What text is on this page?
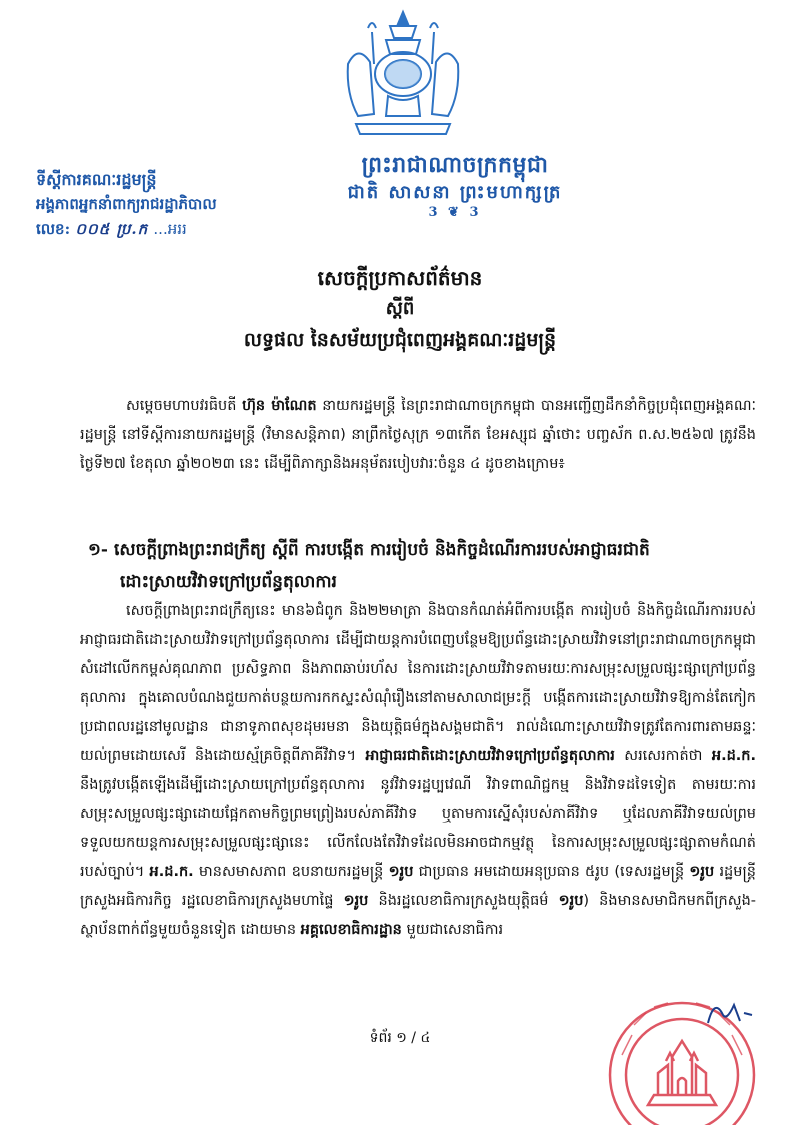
ព្រះរាជាណាចក្រកម្ពុជា
ជាតិ សាសនា ព្រះមហាក្សត្រ
3 ❦ 3
ទីស្តីការគណៈរដ្ឋមន្ត្រី
អង្គភាពអ្នកនាំពាក្យរាជរដ្ឋាភិបាល
លេខ: ០០៥ ប្រ.ក ...អររ
សេចក្តីប្រកាសព័ត៌មាន
ស្តីពី
លទ្ធផល នៃសម័យប្រជុំពេញអង្គគណៈរដ្ឋមន្ត្រី
សម្តេចមហាបវរធិបតី ហ៊ុន ម៉ាណែត នាយករដ្ឋមន្ត្រី នៃព្រះរាជាណាចក្រកម្ពុជា បានអញ្ជើញដឹកនាំកិច្ចប្រជុំពេញអង្គគណៈរដ្ឋមន្ត្រី នៅទីស្តីការនាយករដ្ឋមន្ត្រី (វិមានសន្តិភាព) នាព្រឹកថ្ងៃសុក្រ ១៣កើត ខែអស្សុជ ឆ្នាំថោះ បញ្ចស័ក ព.ស.២៥៦៧ ត្រូវនឹងថ្ងៃទី២៧ ខែតុលា ឆ្នាំ២០២៣ នេះ ដើម្បីពិភាក្សានិងអនុម័តរបៀបវារៈចំនួន ៤ ដូចខាងក្រោម៖
១- សេចក្តីព្រាងព្រះរាជក្រឹត្យ ស្តីពី ការបង្កើត ការរៀបចំ និងកិច្ចដំណើរការរបស់អាជ្ញាធរជាតិ
ដោះស្រាយវិវាទក្រៅប្រព័ន្ធតុលាការ
សេចក្តីព្រាងព្រះរាជក្រឹត្យនេះ មាន៦ជំពូក និង២២មាត្រា និងបានកំណត់អំពីការបង្កើត ការរៀបចំ និងកិច្ចដំណើរការរបស់អាជ្ញាធរជាតិដោះស្រាយវិវាទក្រៅប្រព័ន្ធតុលាការ ដើម្បីជាយន្តការបំពេញបន្ថែមឱ្យប្រព័ន្ធដោះស្រាយវិវាទនៅព្រះរាជាណាចក្រកម្ពុជា សំដៅលើកកម្ពស់គុណភាព ប្រសិទ្ធភាព និងភាពឆាប់រហ័ស នៃការដោះស្រាយវិវាទតាមរយៈការសម្រុះសម្រួលផ្សះផ្សាក្រៅប្រព័ន្ធតុលាការ ក្នុងគោលបំណងជួយកាត់បន្ថយការកកស្ទះសំណុំរឿងនៅតាមសាលាជម្រះក្តី បង្កើតការដោះស្រាយវិវាទឱ្យកាន់តែកៀកប្រជាពលរដ្ឋនៅមូលដ្ឋាន ជានាទូភាពសុខដុមរមនា និងយុត្តិធម៌ក្នុងសង្គមជាតិ។ រាល់ដំណោះស្រាយវិវាទត្រូវតែការពារតាមឆន្ទៈយល់ព្រមដោយសេរី និងដោយស្ម័គ្រចិត្តពីភាគីវិវាទ។ អាជ្ញាធរជាតិដោះស្រាយវិវាទក្រៅប្រព័ន្ធតុលាការ សរសេរកាត់ថា អ.ដ.ក. នឹងត្រូវបង្កើតឡើងដើម្បីដោះស្រាយក្រៅប្រព័ន្ធតុលាការ នូវវិវាទរដ្ឋប្បវេណី វិវាទពាណិជ្ជកម្ម និងវិវាទដទៃទៀត តាមរយៈការសម្រុះសម្រួលផ្សះផ្សាដោយផ្អែកតាមកិច្ចព្រមព្រៀងរបស់ភាគីវិវាទ ឬតាមការស្នើសុំរបស់ភាគីវិវាទ ឬដែលភាគីវិវាទយល់ព្រមទទួលយកយន្តការសម្រុះសម្រួលផ្សះផ្សានេះ លើកលែងតែវិវាទដែលមិនអាចជាកម្មវត្ថុ នៃការសម្រុះសម្រួលផ្សះផ្សាតាមកំណត់របស់ច្បាប់។ អ.ដ.ក. មានសមាសភាព ឧបនាយករដ្ឋមន្ត្រី ១រូប ជាប្រធាន អមដោយអនុប្រធាន ៥រូប (ទេសរដ្ឋមន្ត្រី ១រូប រដ្ឋមន្ត្រីក្រសួងអធិការកិច្ច រដ្ឋលេខាធិការក្រសួងមហាផ្ទៃ ១រូប និងរដ្ឋលេខាធិការក្រសួងយុត្តិធម៌ ១រូប) និងមានសមាជិកមកពីក្រសួង-ស្ថាប័នពាក់ព័ន្ធមួយចំនួនទៀត ដោយមាន អគ្គលេខាធិការដ្ឋាន មួយជាសេនាធិការ
ទំព័រ ១ / ៤
